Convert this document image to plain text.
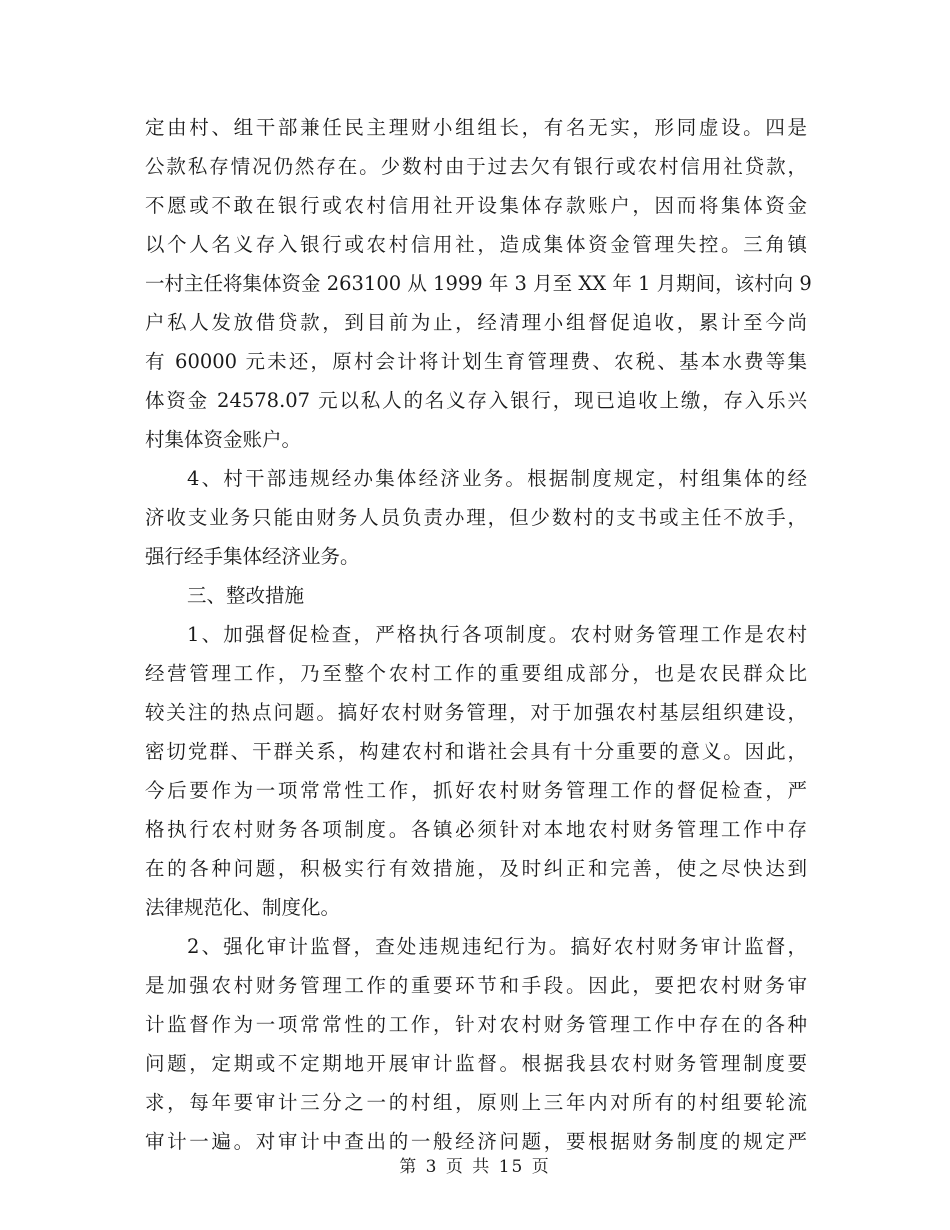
定由村、组干部兼任民主理财小组组长，有名无实，形同虚设。四是
公款私存情况仍然存在。少数村由于过去欠有银行或农村信用社贷款，
不愿或不敢在银行或农村信用社开设集体存款账户，因而将集体资金
以个人名义存入银行或农村信用社，造成集体资金管理失控。三角镇
一村主任将集体资金 263100 从 1999 年 3 月至 XX 年 1 月期间，该村向 9
户私人发放借贷款，到目前为止，经清理小组督促追收，累计至今尚
有 60000 元未还，原村会计将计划生育管理费、农税、基本水费等集
体资金 24578.07 元以私人的名义存入银行，现已追收上缴，存入乐兴
村集体资金账户。
4、村干部违规经办集体经济业务。根据制度规定，村组集体的经
济收支业务只能由财务人员负责办理，但少数村的支书或主任不放手，
强行经手集体经济业务。
三、整改措施
1、加强督促检查，严格执行各项制度。农村财务管理工作是农村
经营管理工作，乃至整个农村工作的重要组成部分，也是农民群众比
较关注的热点问题。搞好农村财务管理，对于加强农村基层组织建设，
密切党群、干群关系，构建农村和谐社会具有十分重要的意义。因此，
今后要作为一项常常性工作，抓好农村财务管理工作的督促检查，严
格执行农村财务各项制度。各镇必须针对本地农村财务管理工作中存
在的各种问题，积极实行有效措施，及时纠正和完善，使之尽快达到
法律规范化、制度化。
2、强化审计监督，查处违规违纪行为。搞好农村财务审计监督，
是加强农村财务管理工作的重要环节和手段。因此，要把农村财务审
计监督作为一项常常性的工作，针对农村财务管理工作中存在的各种
问题，定期或不定期地开展审计监督。根据我县农村财务管理制度要
求，每年要审计三分之一的村组，原则上三年内对所有的村组要轮流
审计一遍。对审计中查出的一般经济问题，要根据财务制度的规定严
第 3 页 共 15 页
